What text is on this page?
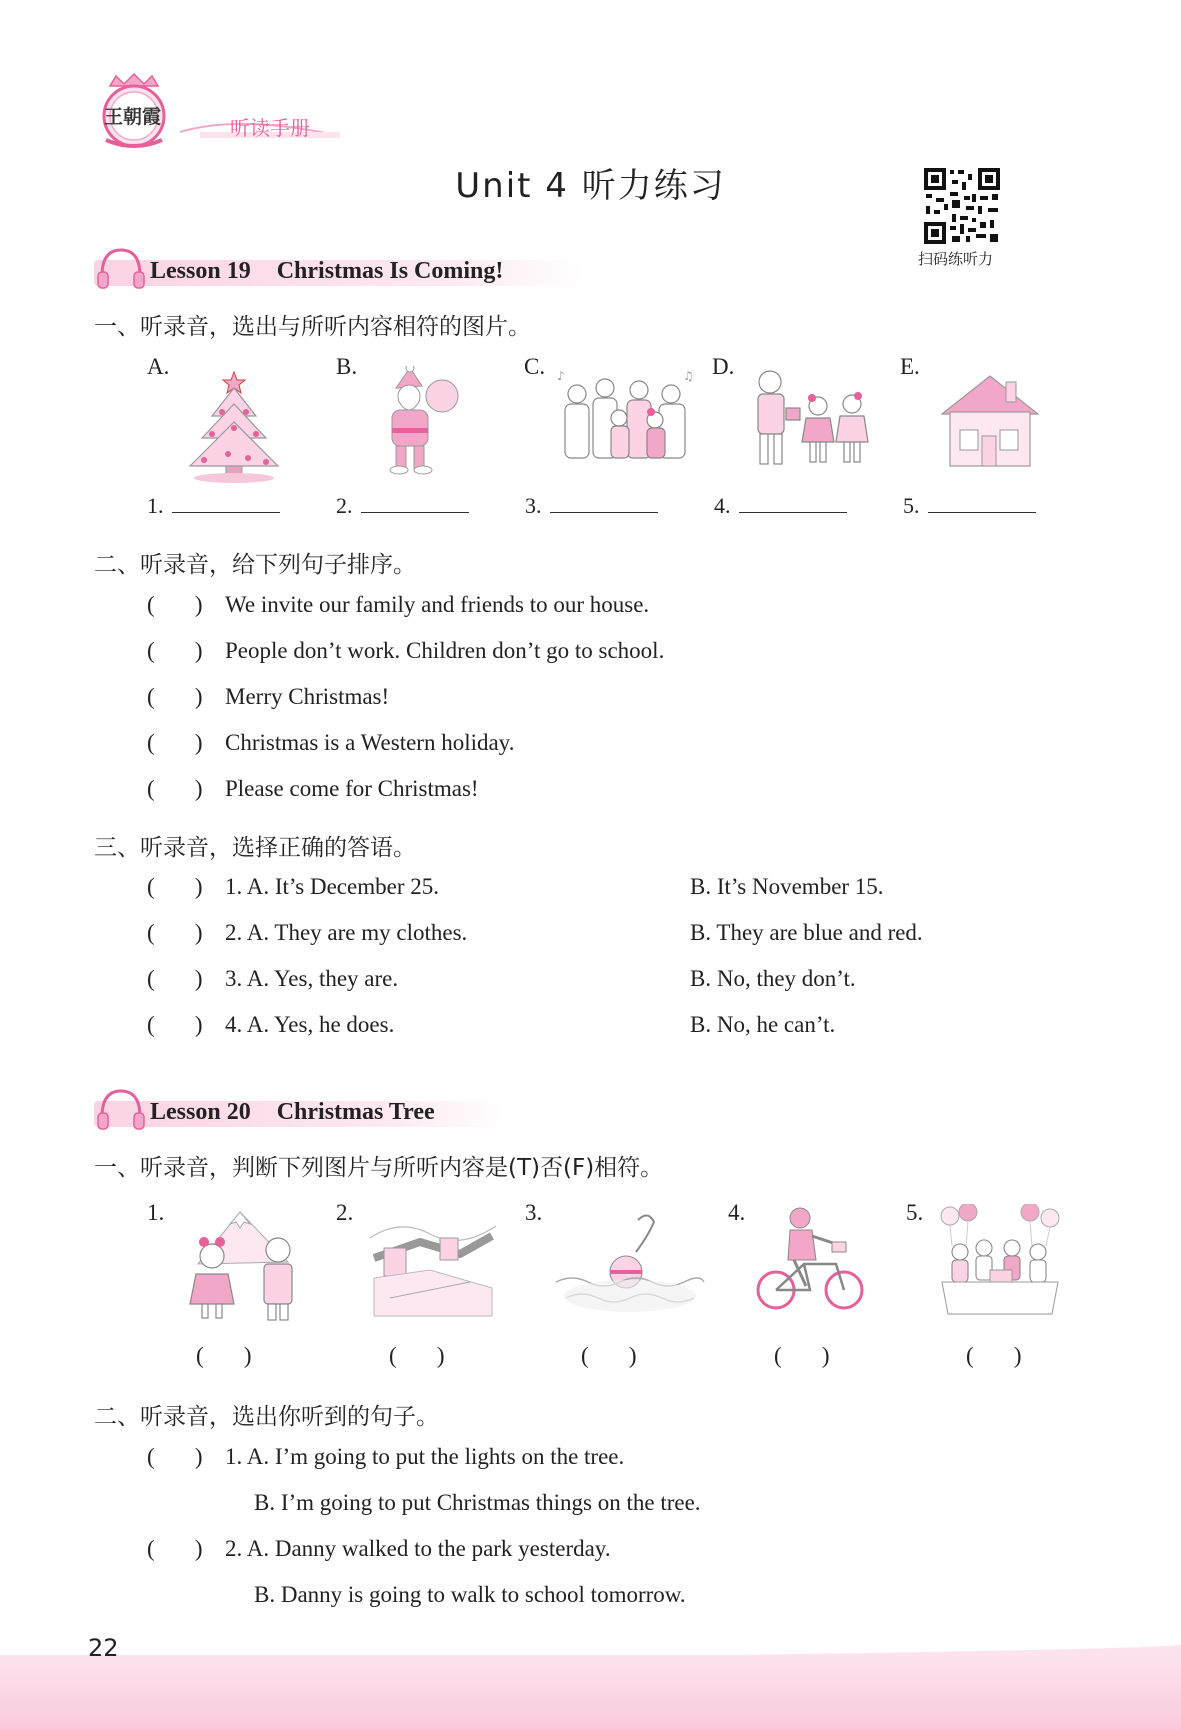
王朝霞	听读手册
Unit 4 听力练习
扫码练听力
Lesson 19 Christmas Is Coming!
一、听录音，选出与所听内容相符的图片。
A.	B.	C.	D.	E.
♪	♫
1.	2.	3.	4.	5.
二、听录音，给下列句子排序。
(       ) We invite our family and friends to our house.
(       ) People don’t work. Children don’t go to school.
(       ) Merry Christmas!
(       ) Christmas is a Western holiday.
(       ) Please come for Christmas!
三、听录音，选择正确的答语。
(       ) 1. A. It’s December 25.	B. It’s November 15.
(       ) 2. A. They are my clothes.	B. They are blue and red.
(       ) 3. A. Yes, they are.	B. No, they don’t.
(       ) 4. A. Yes, he does.	B. No, he can’t.
Lesson 20 Christmas Tree
一、听录音，判断下列图片与所听内容是(T)否(F)相符。
1.	2.	3.	4.	5.
(       )	(       )	(       )	(       )	(       )
二、听录音，选出你听到的句子。
(       ) 1. A. I’m going to put the lights on the tree.
B. I’m going to put Christmas things on the tree.
(       ) 2. A. Danny walked to the park yesterday.
B. Danny is going to walk to school tomorrow.
22
